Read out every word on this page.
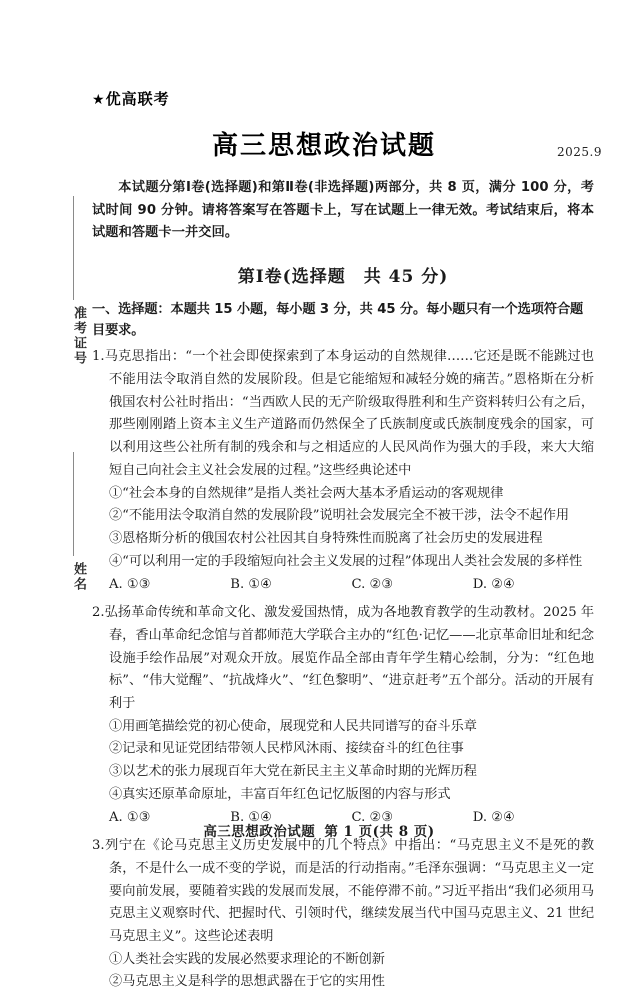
准考证号
姓名
★优高联考
高三思想政治试题	2025.9
本试题分第Ⅰ卷(选择题)和第Ⅱ卷(非选择题)两部分，共 8 页，满分 100 分，考试时间 90 分钟。请将答案写在答题卡上，写在试题上一律无效。考试结束后，将本试题和答题卡一并交回。
第Ⅰ卷(选择题　共 45 分)
一、选择题：本题共 15 小题，每小题 3 分，共 45 分。每小题只有一个选项符合题目要求。
1.马克思指出：“一个社会即使探索到了本身运动的自然规律……它还是既不能跳过也不能用法令取消自然的发展阶段。但是它能缩短和减轻分娩的痛苦。”恩格斯在分析俄国农村公社时指出：“当西欧人民的无产阶级取得胜利和生产资料转归公有之后，那些刚刚踏上资本主义生产道路而仍然保全了氏族制度或氏族制度残余的国家，可以利用这些公社所有制的残余和与之相适应的人民风尚作为强大的手段，来大大缩短自己向社会主义社会发展的过程。”这些经典论述中
①“社会本身的自然规律”是指人类社会两大基本矛盾运动的客观规律
②“不能用法令取消自然的发展阶段”说明社会发展完全不被干涉，法令不起作用
③恩格斯分析的俄国农村公社因其自身特殊性而脱离了社会历史的发展进程
④“可以利用一定的手段缩短向社会主义发展的过程”体现出人类社会发展的多样性
A. ①③	B. ①④	C. ②③	D. ②④
2.弘扬革命传统和革命文化、激发爱国热情，成为各地教育教学的生动教材。2025 年春，香山革命纪念馆与首都师范大学联合主办的“红色·记忆——北京革命旧址和纪念设施手绘作品展”对观众开放。展览作品全部由青年学生精心绘制，分为：“红色地标”、“伟大觉醒”、“抗战烽火”、“红色黎明”、“进京赶考”五个部分。活动的开展有利于
①用画笔描绘党的初心使命，展现党和人民共同谱写的奋斗乐章
②记录和见证党团结带领人民栉风沐雨、接续奋斗的红色往事
③以艺术的张力展现百年大党在新民主主义革命时期的光辉历程
④真实还原革命原址，丰富百年红色记忆版图的内容与形式
A. ①③	B. ①④	C. ②③	D. ②④
3.列宁在《论马克思主义历史发展中的几个特点》中指出：“马克思主义不是死的教条，不是什么一成不变的学说，而是活的行动指南。”毛泽东强调：“马克思主义一定要向前发展，要随着实践的发展而发展，不能停滞不前。”习近平指出“我们必须用马克思主义观察时代、把握时代、引领时代，继续发展当代中国马克思主义、21 世纪马克思主义”。这些论述表明
①人类社会实践的发展必然要求理论的不断创新
②马克思主义是科学的思想武器在于它的实用性
高三思想政治试题 第 1 页(共 8 页)
